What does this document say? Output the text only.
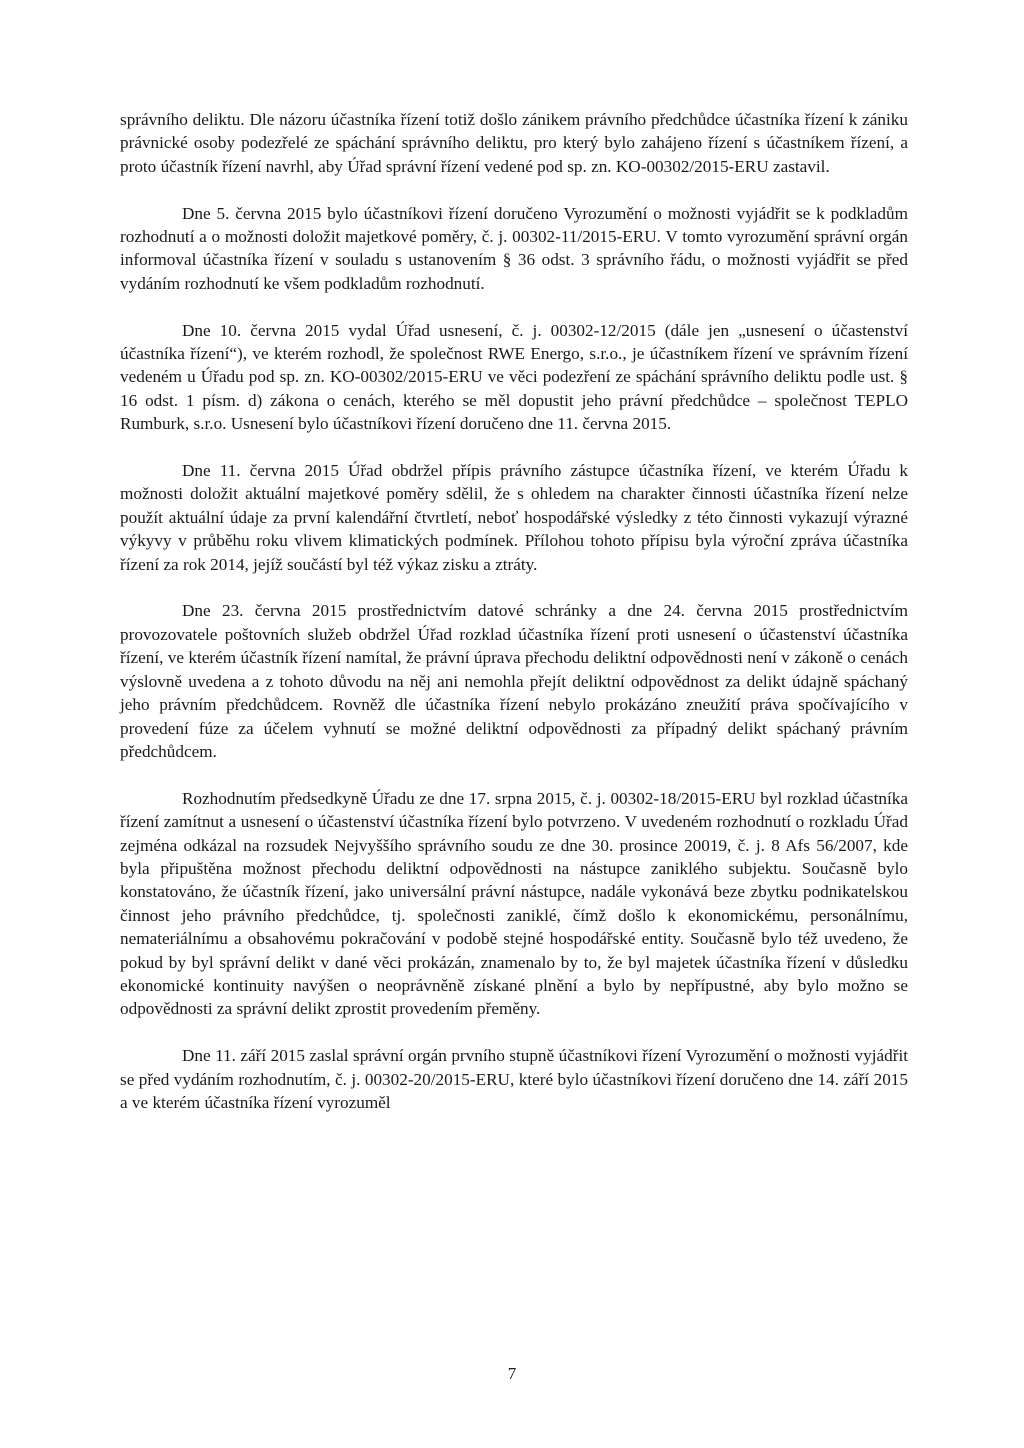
správního deliktu. Dle názoru účastníka řízení totiž došlo zánikem právního předchůdce účastníka řízení k zániku právnické osoby podezřelé ze spáchání správního deliktu, pro který bylo zahájeno řízení s účastníkem řízení, a proto účastník řízení navrhl, aby Úřad správní řízení vedené pod sp. zn. KO-00302/2015-ERU zastavil.

Dne 5. června 2015 bylo účastníkovi řízení doručeno Vyrozumění o možnosti vyjádřit se k podkladům rozhodnutí a o možnosti doložit majetkové poměry, č. j. 00302-11/2015-ERU. V tomto vyrozumění správní orgán informoval účastníka řízení v souladu s ustanovením § 36 odst. 3 správního řádu, o možnosti vyjádřit se před vydáním rozhodnutí ke všem podkladům rozhodnutí.

Dne 10. června 2015 vydal Úřad usnesení, č. j. 00302-12/2015 (dále jen „usnesení o účastenství účastníka řízení“), ve kterém rozhodl, že společnost RWE Energo, s.r.o., je účastníkem řízení ve správním řízení vedeném u Úřadu pod sp. zn. KO-00302/2015-ERU ve věci podezření ze spáchání správního deliktu podle ust. § 16 odst. 1 písm. d) zákona o cenách, kterého se měl dopustit jeho právní předchůdce – společnost TEPLO Rumburk, s.r.o. Usnesení bylo účastníkovi řízení doručeno dne 11. června 2015.

Dne 11. června 2015 Úřad obdržel přípis právního zástupce účastníka řízení, ve kterém Úřadu k možnosti doložit aktuální majetkové poměry sdělil, že s ohledem na charakter činnosti účastníka řízení nelze použít aktuální údaje za první kalendářní čtvrtletí, neboť hospodářské výsledky z této činnosti vykazují výrazné výkyvy v průběhu roku vlivem klimatických podmínek. Přílohou tohoto přípisu byla výroční zpráva účastníka řízení za rok 2014, jejíž součástí byl též výkaz zisku a ztráty.

Dne 23. června 2015 prostřednictvím datové schránky a dne 24. června 2015 prostřednictvím provozovatele poštovních služeb obdržel Úřad rozklad účastníka řízení proti usnesení o účastenství účastníka řízení, ve kterém účastník řízení namítal, že právní úprava přechodu deliktní odpovědnosti není v zákoně o cenách výslovně uvedena a z tohoto důvodu na něj ani nemohla přejít deliktní odpovědnost za delikt údajně spáchaný jeho právním předchůdcem. Rovněž dle účastníka řízení nebylo prokázáno zneužití práva spočívajícího v provedení fúze za účelem vyhnutí se možné deliktní odpovědnosti za případný delikt spáchaný právním předchůdcem.

Rozhodnutím předsedkyně Úřadu ze dne 17. srpna 2015, č. j. 00302-18/2015-ERU byl rozklad účastníka řízení zamítnut a usnesení o účastenství účastníka řízení bylo potvrzeno. V uvedeném rozhodnutí o rozkladu Úřad zejména odkázal na rozsudek Nejvyššího správního soudu ze dne 30. prosince 20019, č. j. 8 Afs 56/2007, kde byla připuštěna možnost přechodu deliktní odpovědnosti na nástupce zaniklého subjektu. Současně bylo konstatováno, že účastník řízení, jako universální právní nástupce, nadále vykonává beze zbytku podnikatelskou činnost jeho právního předchůdce, tj. společnosti zaniklé, čímž došlo k ekonomickému, personálnímu, nemateriálnímu a obsahovému pokračování v podobě stejné hospodářské entity. Současně bylo též uvedeno, že pokud by byl správní delikt v dané věci prokázán, znamenalo by to, že byl majetek účastníka řízení v důsledku ekonomické kontinuity navýšen o neoprávněně získané plnění a bylo by nepřípustné, aby bylo možno se odpovědnosti za správní delikt zprostit provedením přeměny.

Dne 11. září 2015 zaslal správní orgán prvního stupně účastníkovi řízení Vyrozumění o možnosti vyjádřit se před vydáním rozhodnutím, č. j. 00302-20/2015-ERU, které bylo účastníkovi řízení doručeno dne 14. září 2015 a ve kterém účastníka řízení vyrozuměl

7
